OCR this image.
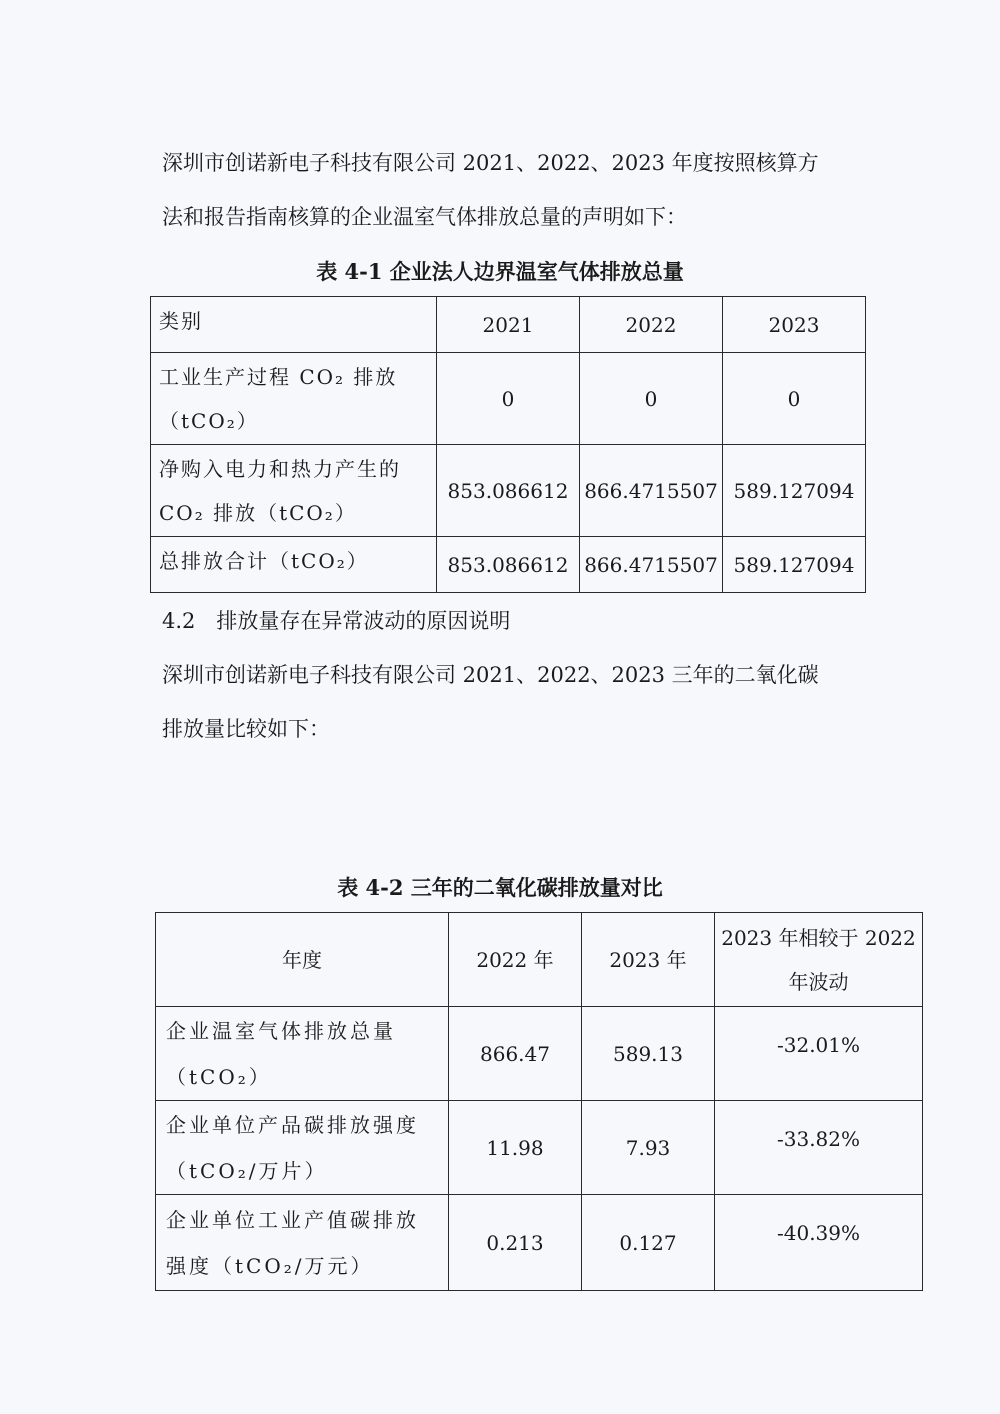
深圳市创诺新电子科技有限公司 2021、2022、2023 年度按照核算方
法和报告指南核算的企业温室气体排放总量的声明如下：

表 4-1 企业法人边界温室气体排放总量

类别	2021	2022	2023
工业生产过程 CO₂ 排放
（tCO₂）	0	0	0
净购入电力和热力产生的
CO₂ 排放（tCO₂）	853.086612	866.4715507	589.127094
总排放合计（tCO₂）	853.086612	866.4715507	589.127094

4.2　排放量存在异常波动的原因说明
深圳市创诺新电子科技有限公司 2021、2022、2023 三年的二氧化碳
排放量比较如下：

表 4-2 三年的二氧化碳排放量对比

年度	2022 年	2023 年	2023 年相较于 2022
年波动
企业温室气体排放总量
（tCO₂）	866.47	589.13	-32.01%
企业单位产品碳排放强度
（tCO₂/万片）	11.98	7.93	-33.82%
企业单位工业产值碳排放
强度（tCO₂/万元）	0.213	0.127	-40.39%
